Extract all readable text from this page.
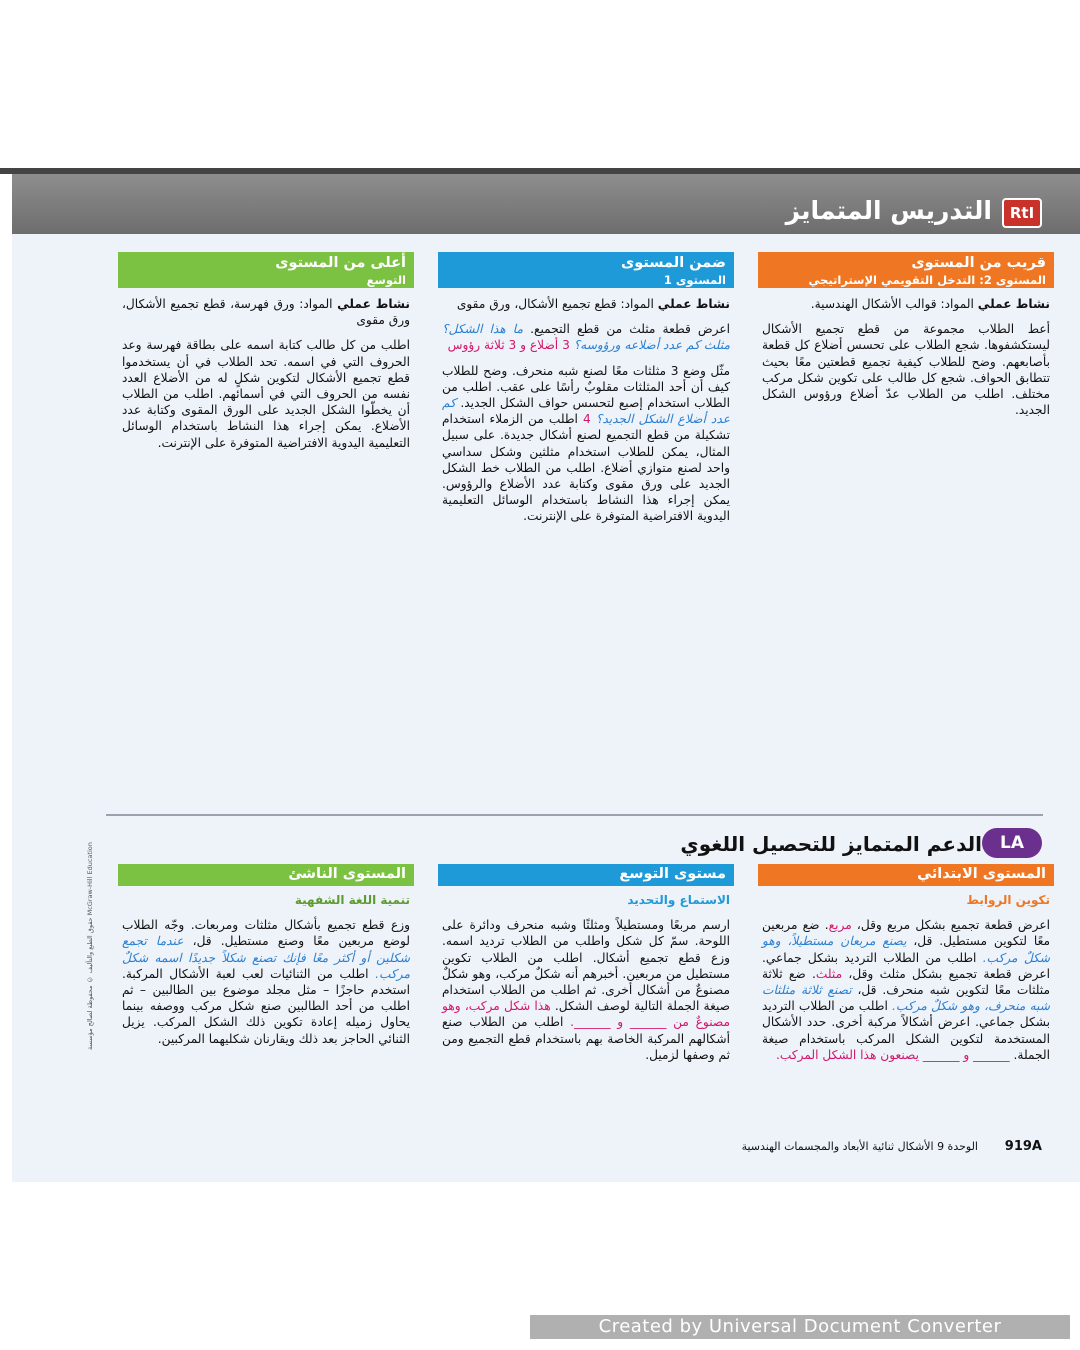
RtI
التدريس المتمايز
قريب من المستوى
المستوى 2: التدخل التقويمي الإستراتيجي

نشاط عملي المواد: قوالب الأشكال الهندسية.

أعط الطلاب مجموعة من قطع تجميع الأشكال ليستكشفوها. شجع الطلاب على تحسس أضلاع كل قطعة بأصابعهم. وضح للطلاب كيفية تجميع قطعتين معًا بحيث تتطابق الحواف. شجع كل طالب على تكوين شكل مركب مختلف. اطلب من الطلاب عدّ أضلاع ورؤوس الشكل الجديد.

ضمن المستوى
المستوى 1

نشاط عملي المواد: قطع تجميع الأشكال، ورق مقوى

اعرض قطعة مثلث من قطع التجميع. ما هذا الشكل؟ مثلث كم عدد أضلاعه ورؤوسه؟ 3 أضلاع و 3 ثلاثة رؤوس

مثّل وضع 3 مثلثات معًا لصنع شبه منحرف. وضح للطلاب كيف أن أحد المثلثات مقلوبٌ رأسًا على عقب. اطلب من الطلاب استخدام إصبع لتحسس حواف الشكل الجديد. كم عدد أضلاع الشكل الجديد؟ 4 اطلب من الزملاء استخدام تشكيلة من قطع التجميع لصنع أشكال جديدة. على سبيل المثال، يمكن للطلاب استخدام مثلثين وشكل سداسي واحد لصنع متوازي أضلاع. اطلب من الطلاب خط الشكل الجديد على ورق مقوى وكتابة عدد الأضلاع والرؤوس. يمكن إجراء هذا النشاط باستخدام الوسائل التعليمية اليدوية الافتراضية المتوفرة على الإنترنت.

أعلى من المستوى
التوسع

نشاط عملي المواد: ورق فهرسة، قطع تجميع الأشكال، ورق مقوى

اطلب من كل طالب كتابة اسمه على بطاقة فهرسة وعد الحروف التي في اسمه. تحد الطلاب في أن يستخدموا قطع تجميع الأشكال لتكوين شكلٍ له من الأضلاع العدد نفسه من الحروف التي في أسمائهم. اطلب من الطلاب أن يخطّوا الشكل الجديد على الورق المقوى وكتابة عدد الأضلاع. يمكن إجراء هذا النشاط باستخدام الوسائل التعليمية اليدوية الافتراضية المتوفرة على الإنترنت.

LA
الدعم المتمايز للتحصيل اللغوي
المستوى الابتدائي

تكوين الروابط

اعرض قطعة تجميع بشكل مربع وقل، مربع. ضع مربعين معًا لتكوين مستطيل. قل، يصنع مربعان مستطيلاً، وهو شكلٌ مركب. اطلب من الطلاب الترديد بشكل جماعي. اعرض قطعة تجميع بشكل مثلث وقل، مثلث. ضع ثلاثة مثلثات معًا لتكوين شبه منحرف. قل، تصنع ثلاثة مثلثات شبه منحرف، وهو شكلٌ مركب. اطلب من الطلاب الترديد بشكل جماعي. اعرض أشكالاً مركبة أخرى. حدد الأشكال المستخدمة لتكوين الشكل المركب باستخدام صيغة الجملة. ______ و ______ يصنعون هذا الشكل المركب.

مستوى التوسع

الاستماع والتحديد

ارسم مربعًا ومستطيلاً ومثلثًا وشبه منحرف ودائرة على اللوحة. سمّ كل شكل واطلب من الطلاب ترديد اسمه. وزع قطع تجميع أشكال. اطلب من الطلاب تكوين مستطيل من مربعين. أخبرهم أنه شكلٌ مركب، وهو شكلٌ مصنوعٌ من أشكال أخرى. ثم اطلب من الطلاب استخدام صيغة الجملة التالية لوصف الشكل. هذا شكل مركب، وهو مصنوعٌ من ______ و ______. اطلب من الطلاب صنع أشكالهم المركبة الخاصة بهم باستخدام قطع التجميع ومن ثم وصفها لزميل.

المستوى الناشئ

تنمية اللغة الشفهية

وزع قطع تجميع بأشكال مثلثات ومربعات. وجّه الطلاب لوضع مربعين معًا وصنع مستطيل. قل، عندما تجمع شكلين أو أكثر معًا فإنك تصنع شكلاً جديدًا اسمه شكلٌ مركب. اطلب من الثنائيات لعب لعبة الأشكال المركبة. استخدم حاجزًا – مثل مجلد موضوع بين الطالبين – ثم اطلب من أحد الطالبين صنع شكل مركب ووصفه بينما يحاول زميله إعادة تكوين ذلك الشكل المركب. يزيل الثنائي الحاجز بعد ذلك ويقارنان شكليهما المركبين.

حقوق الطبع والتأليف © محفوظة لصالح مؤسسة McGraw-Hill Education
919A
الوحدة 9 الأشكال ثنائية الأبعاد والمجسمات الهندسية
Created by Universal Document Converter
